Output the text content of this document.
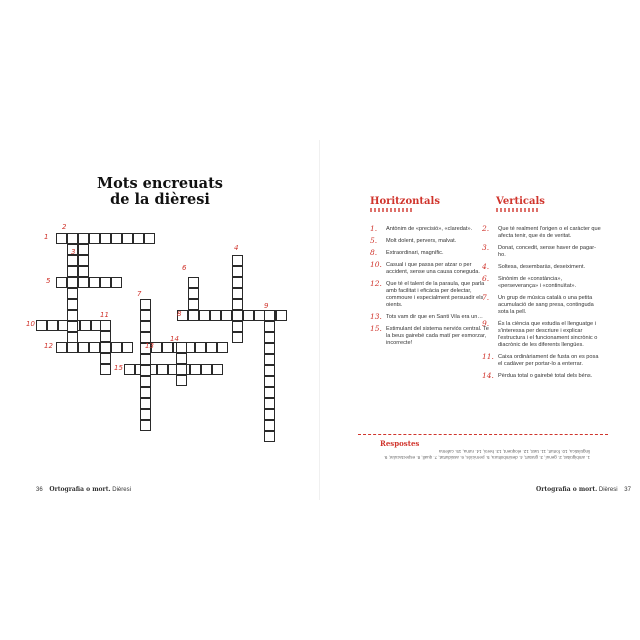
Mots encreuats
de la dièresi
1
2
3	4
5
6
7
8
9
10
11
12	13
14
15
36 Ortografia o mort. Dièresi
Horitzontals	Verticals
1. Antònim de «precisió», «claredat».
5. Molt dolent, pervers, malvat.
8. Extraordinari, magnífic.
10. Casual i que passa per atzar o per accident, sense una causa coneguda.
12. Que té el talent de la paraula, que parla amb facilitat i eficàcia per delectar, commoure i especialment persuadir els oients.
13. Tots vam dir que en Santi Vila era un…
15. Estimulant del sistema nerviós central. Te la beus gairebé cada matí per esmorzar, incorrecte!
2. Que té realment l'origen o el caràcter que afecta tenir, que és de veritat.
3. Donat, concedit, sense haver de pagar-ho.
4. Soltesa, desembaràs, deseiximent.
6. Sinònim de «constància», «perseverança» i «continuïtat».
7. Un grup de música català o una petita acumulació de sang presa, continguda sota la pell.
9. És la ciència que estudia el llenguatge i s'interessa per descriure i explicar l'estructura i el funcionament sincrònic o diacrònic de les diferents llengües.
11. Caixa ordinàriament de fusta on es posa el cadàver per portar-lo a enterrar.
14. Pèrdua total o gairebé total dels béns.
Respostes
1. ambigüitat, 2. genuí, 3. gratuït, 4. desimboltura, 5. perniciós, 6. assiduïtat, 7. quall, 8. espectacular, 9. lingüística, 10. fortuït, 11. taüt, 12. eloqüent, 13. heroi, 14. ruïna, 15. cafeïna
Ortografia o mort. Dièresi 37
